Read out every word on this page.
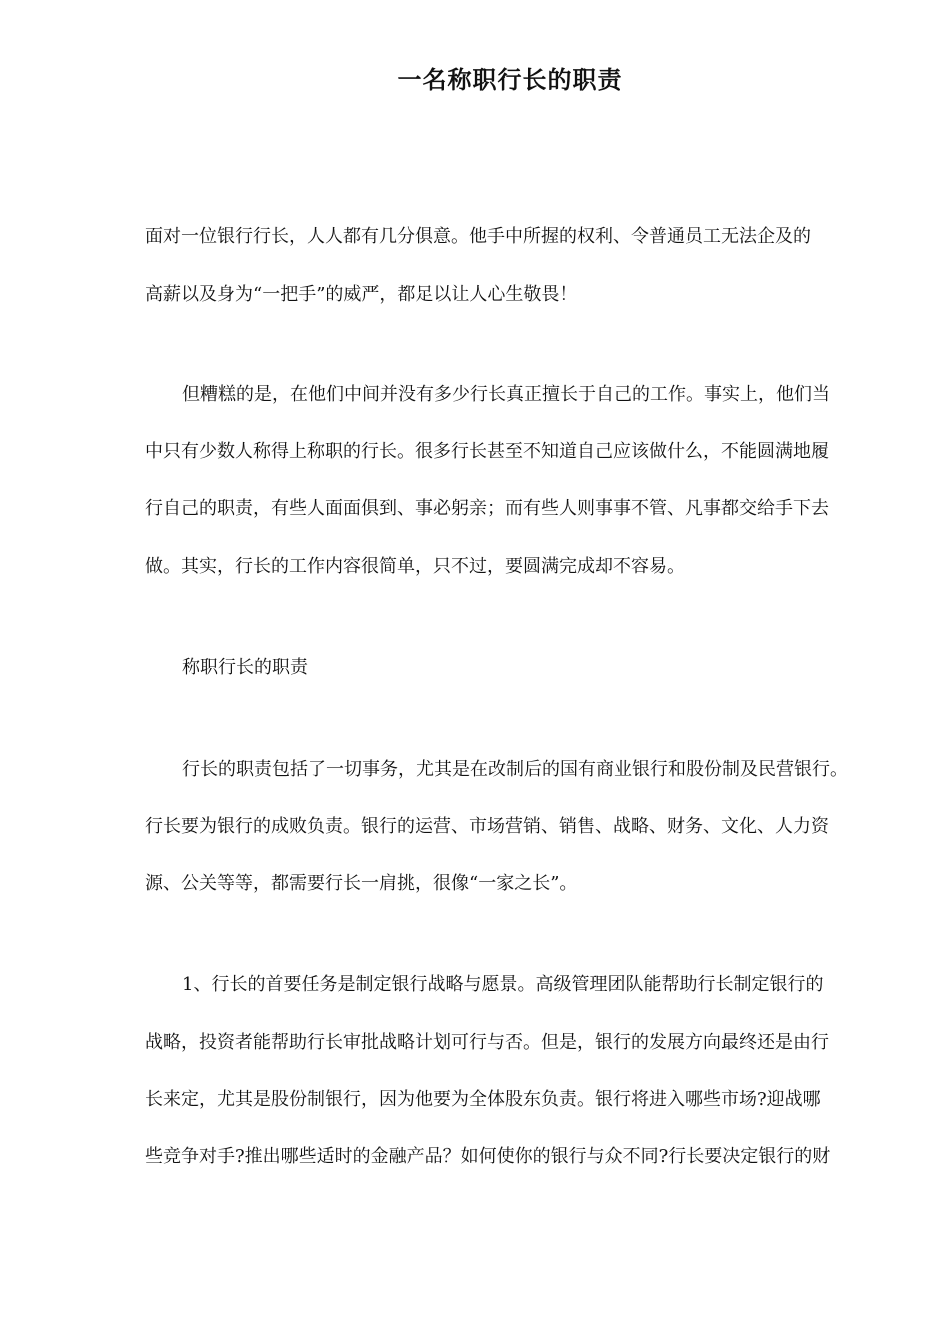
一名称职行长的职责
面对一位银行行长，人人都有几分俱意。他手中所握的权利、令普通员工无法企及的
高薪以及身为“一把手”的威严，都足以让人心生敬畏！
但糟糕的是，在他们中间并没有多少行长真正擅长于自己的工作。事实上，他们当
中只有少数人称得上称职的行长。很多行长甚至不知道自己应该做什么，不能圆满地履
行自己的职责，有些人面面俱到、事必躬亲；而有些人则事事不管、凡事都交给手下去
做。其实，行长的工作内容很简单，只不过，要圆满完成却不容易。
称职行长的职责
行长的职责包括了一切事务，尤其是在改制后的国有商业银行和股份制及民营银行。
行长要为银行的成败负责。银行的运营、市场营销、销售、战略、财务、文化、人力资
源、公关等等，都需要行长一肩挑，很像“一家之长”。
1、行长的首要任务是制定银行战略与愿景。高级管理团队能帮助行长制定银行的
战略，投资者能帮助行长审批战略计划可行与否。但是，银行的发展方向最终还是由行
长来定，尤其是股份制银行，因为他要为全体股东负责。银行将进入哪些市场?迎战哪
些竞争对手?推出哪些适时的金融产品？如何使你的银行与众不同?行长要决定银行的财
